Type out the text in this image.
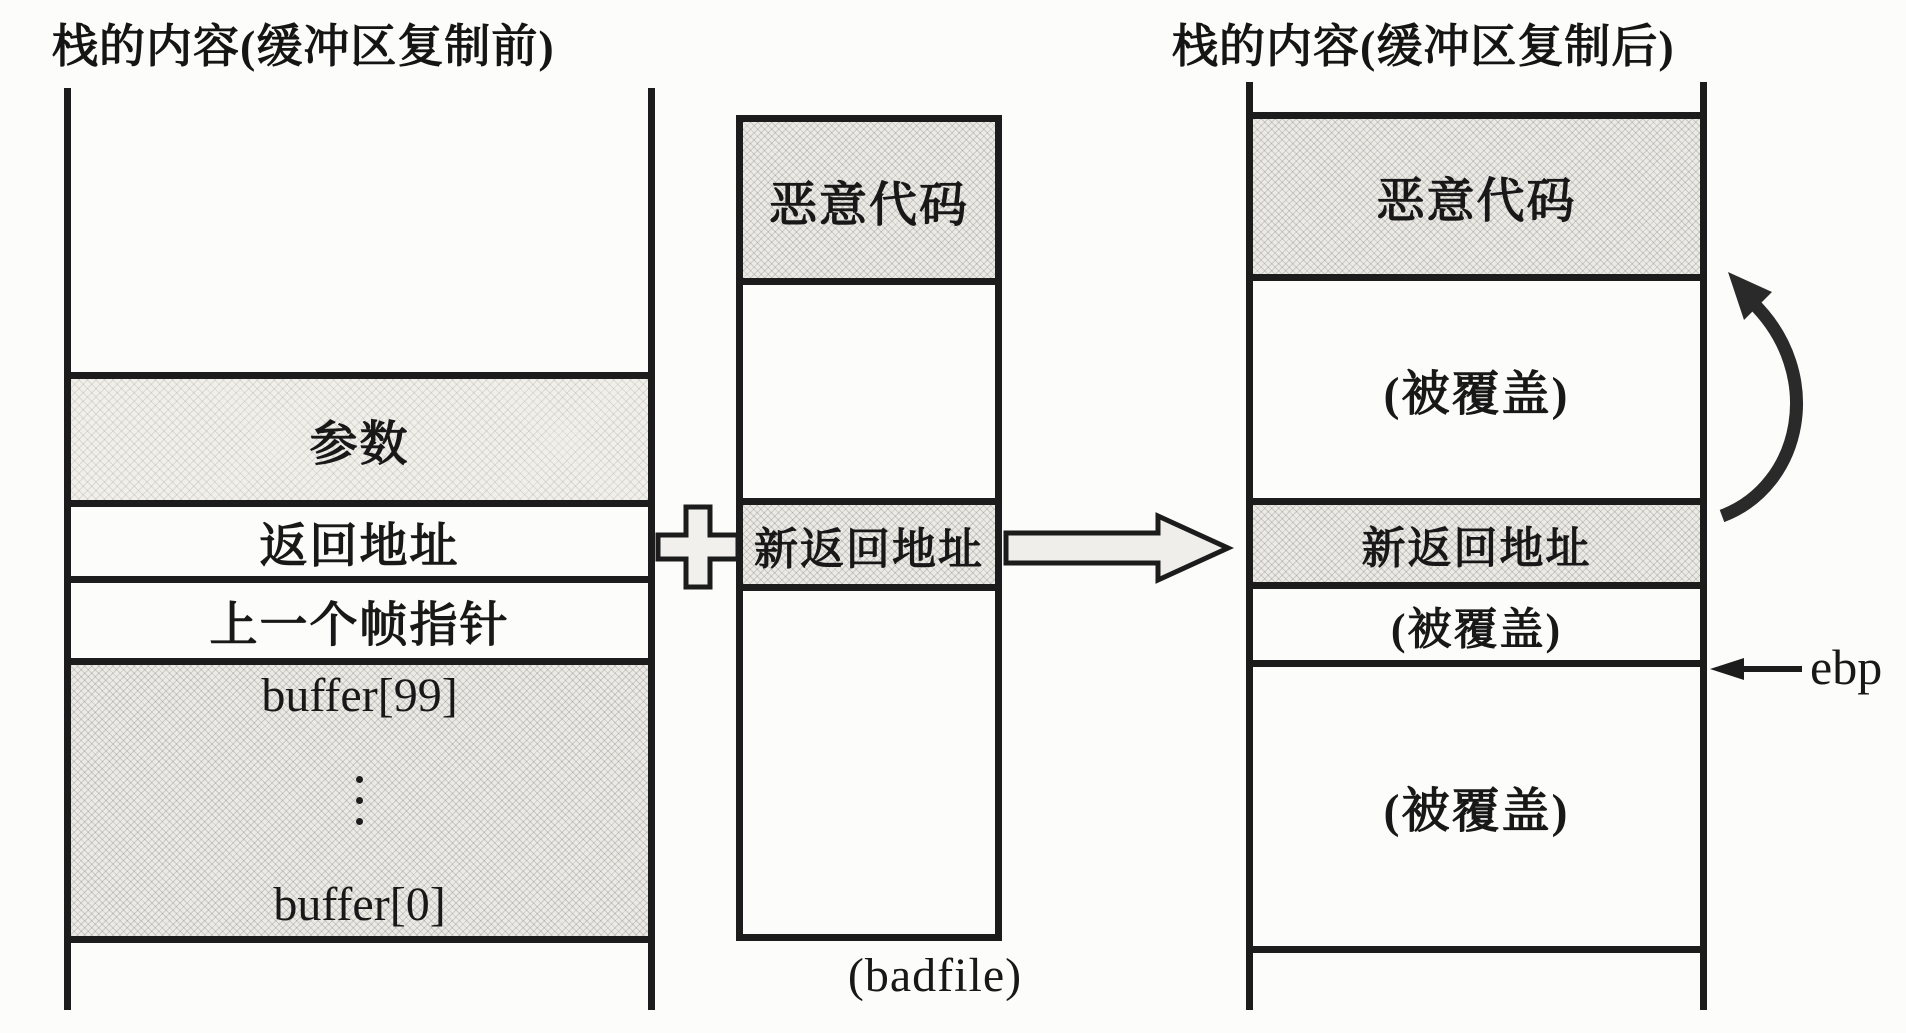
栈的内容(缓冲区复制前)
参数
返回地址
上一个帧指针
buffer[99]
buffer[0]
恶意代码
新返回地址
(badfile)
栈的内容(缓冲区复制后)
恶意代码
(被覆盖)
新返回地址
(被覆盖)
(被覆盖)
ebp
